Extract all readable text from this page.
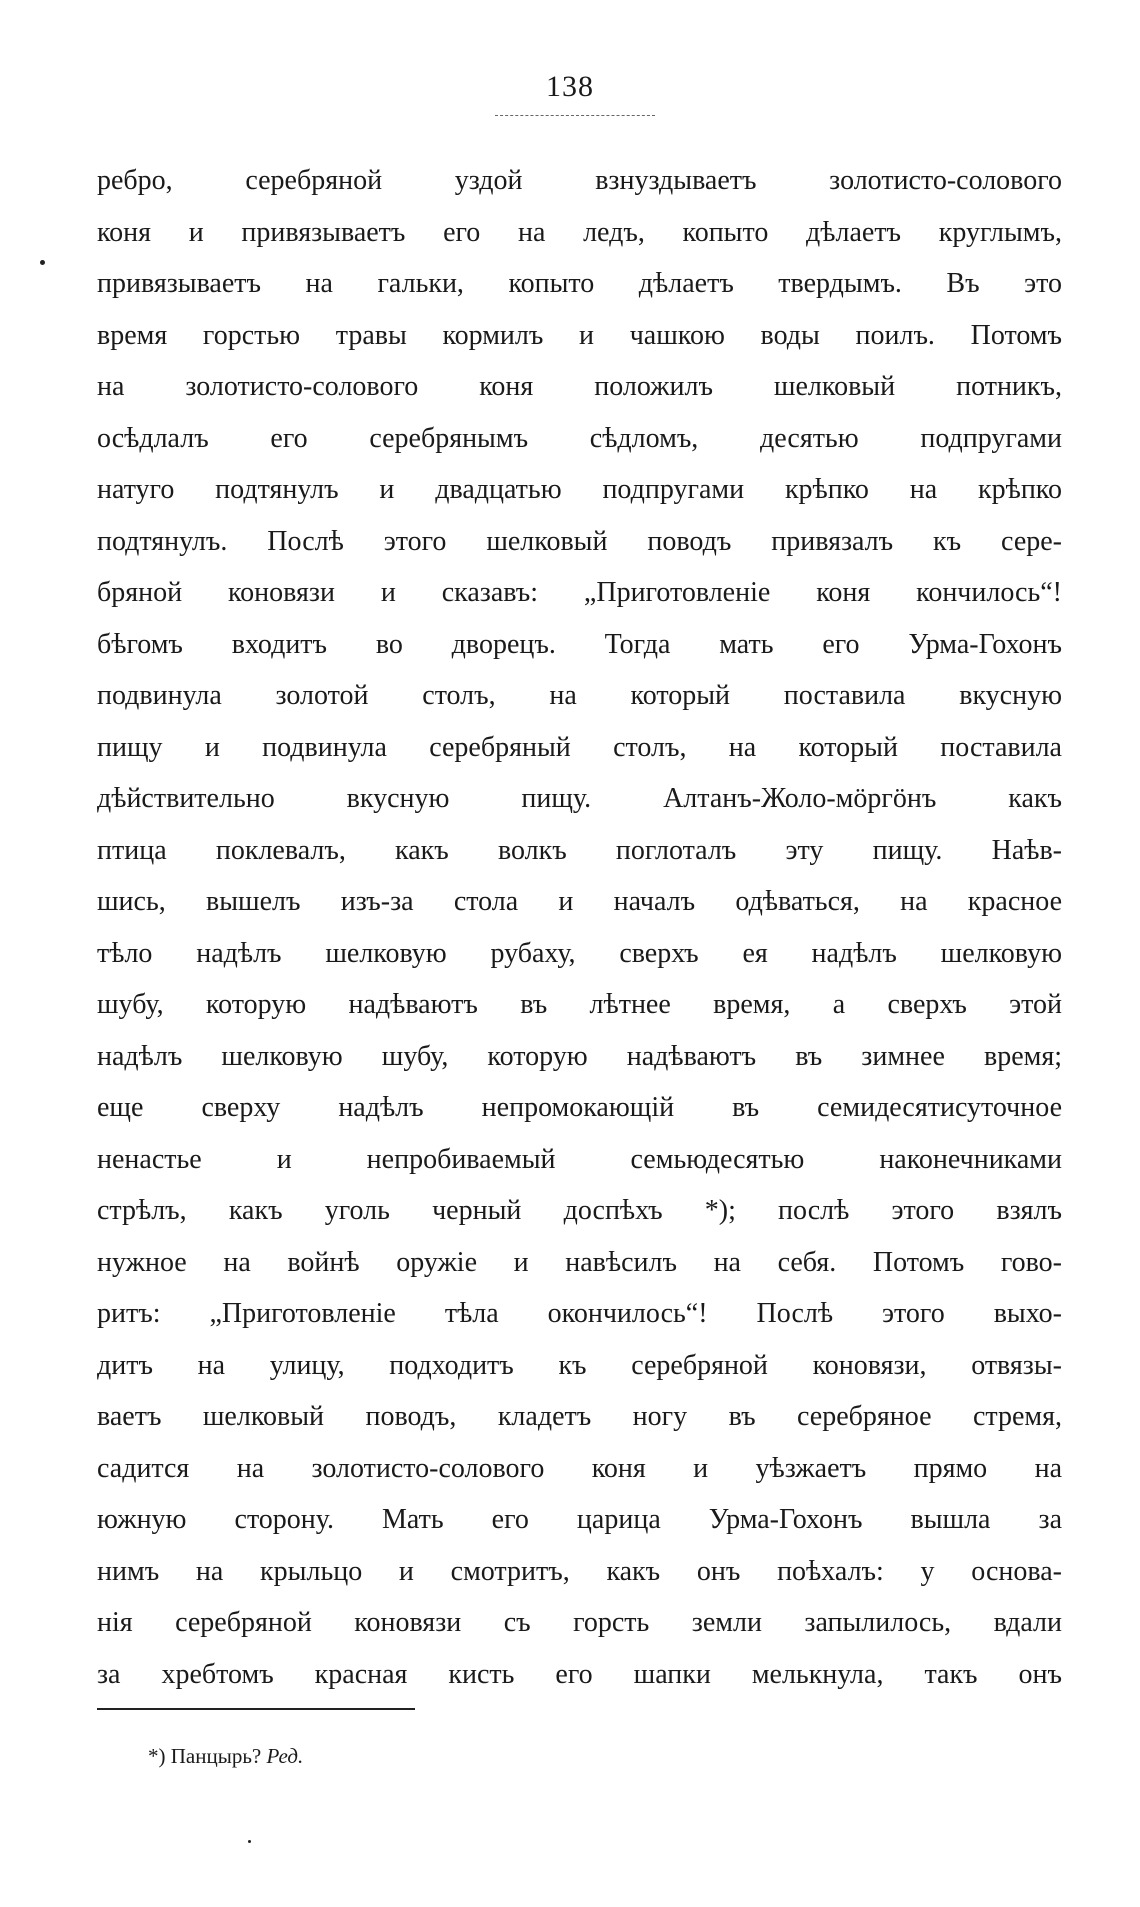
138
ребро, серебряной уздой взнуздываетъ золотисто-солового
коня и привязываетъ его на ледъ, копыто дѣлаетъ круглымъ,
привязываетъ на гальки, копыто дѣлаетъ твердымъ. Въ это
время горстью травы кормилъ и чашкою воды поилъ. Потомъ
на золотисто-солового коня положилъ шелковый потникъ,
осѣдлалъ его серебрянымъ сѣдломъ, десятью подпругами
натуго подтянулъ и двадцатью подпругами крѣпко на крѣпко
подтянулъ. Послѣ этого шелковый поводъ привязалъ къ сере-
бряной коновязи и сказавъ: „Приготовленіе коня кончилось“!
бѣгомъ входитъ во дворецъ. Тогда мать его Урма-Гохонъ
подвинула золотой столъ, на который поставила вкусную
пищу и подвинула серебряный столъ, на который поставила
дѣйствительно вкусную пищу. Алтанъ-Жоло-мöргöнъ какъ
птица поклевалъ, какъ волкъ поглоталъ эту пищу. Наѣв-
шись, вышелъ изъ-за стола и началъ одѣваться, на красное
тѣло надѣлъ шелковую рубаху, сверхъ ея надѣлъ шелковую
шубу, которую надѣваютъ въ лѣтнее время, а сверхъ этой
надѣлъ шелковую шубу, которую надѣваютъ въ зимнее время;
еще сверху надѣлъ непромокающій въ семидесятисуточное
ненастье и непробиваемый семьюдесятью наконечниками
стрѣлъ, какъ уголь черный доспѣхъ *); послѣ этого взялъ
нужное на войнѣ оружіе и навѣсилъ на себя. Потомъ гово-
ритъ: „Приготовленіе тѣла окончилось“! Послѣ этого выхо-
дитъ на улицу, подходитъ къ серебряной коновязи, отвязы-
ваетъ шелковый поводъ, кладетъ ногу въ серебряное стремя,
садится на золотисто-солового коня и уѣзжаетъ прямо на
южную сторону. Мать его царица Урма-Гохонъ вышла за
нимъ на крыльцо и смотритъ, какъ онъ поѣхалъ: у основа-
нія серебряной коновязи съ горсть земли запылилось, вдали
за хребтомъ красная кисть его шапки мелькнула, такъ онъ
*) Панцырь? Ред.
